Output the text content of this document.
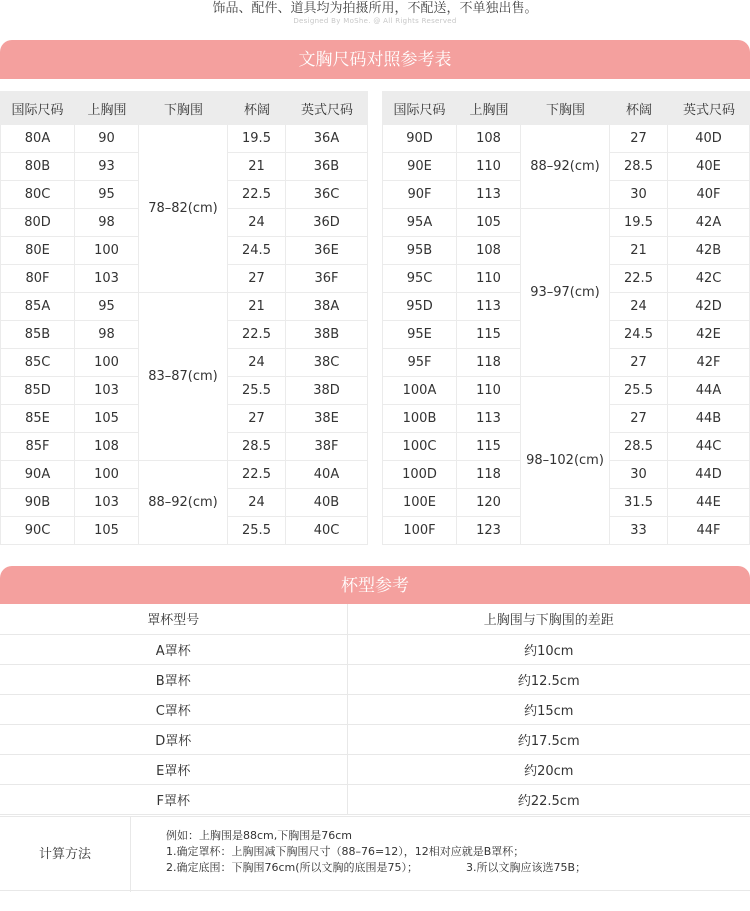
饰品、配件、道具均为拍摄所用，不配送，不单独出售。
Designed By MoShe. @ All Rights Reserved
文胸尺码对照参考表
国际尺码	上胸围	下胸围	杯阔	英式尺码
80A	90	78–82(cm)	19.5	36A
80B	93		21	36B
80C	95		22.5	36C
80D	98		24	36D
80E	100		24.5	36E
80F	103		27	36F
85A	95	83–87(cm)	21	38A
85B	98		22.5	38B
85C	100		24	38C
85D	103		25.5	38D
85E	105		27	38E
85F	108		28.5	38F
90A	100	88–92(cm)	22.5	40A
90B	103		24	40B
90C	105		25.5	40C
国际尺码	上胸围	下胸围	杯阔	英式尺码
90D	108	88–92(cm)	27	40D
90E	110		28.5	40E
90F	113		30	40F
95A	105	93–97(cm)	19.5	42A
95B	108		21	42B
95C	110		22.5	42C
95D	113		24	42D
95E	115		24.5	42E
95F	118		27	42F
100A	110	98–102(cm)	25.5	44A
100B	113		27	44B
100C	115		28.5	44C
100D	118		30	44D
100E	120		31.5	44E
100F	123		33	44F
杯型参考
罩杯型号	上胸围与下胸围的差距
A罩杯	约10cm
B罩杯	约12.5cm
C罩杯	约15cm
D罩杯	约17.5cm
E罩杯	约20cm
F罩杯	约22.5cm
计算方法
例如：上胸围是88cm,下胸围是76cm
1.确定罩杯：上胸围减下胸围尺寸（88–76=12），12相对应就是B罩杯；
2.确定底围：下胸围76cm(所以文胸的底围是75）；	3.所以文胸应该选75B；
